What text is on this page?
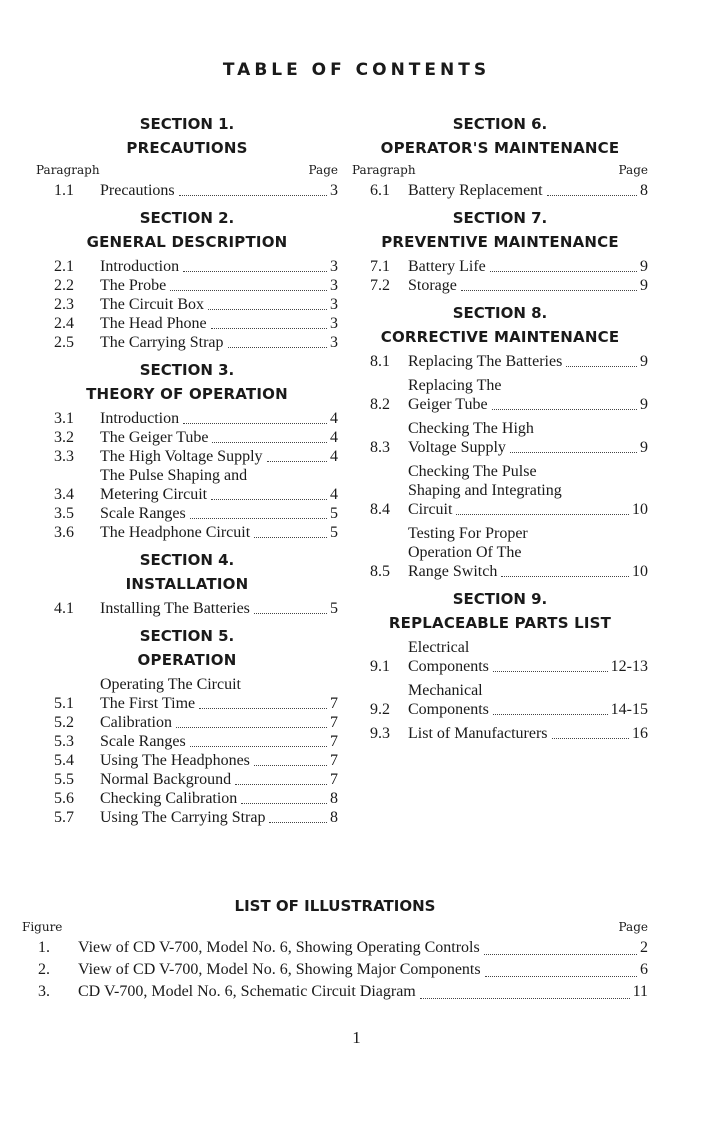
TABLE OF CONTENTS
SECTION 1.
PRECAUTIONS
Paragraph	Page
1.1	Precautions	3
SECTION 2.
GENERAL DESCRIPTION
2.1	Introduction	3
2.2	The Probe	3
2.3	The Circuit Box	3
2.4	The Head Phone	3
2.5	The Carrying Strap	3
SECTION 3.
THEORY OF OPERATION
3.1	Introduction	4
3.2	The Geiger Tube	4
3.3	The High Voltage Supply	4
3.4
The Pulse Shaping and
Metering Circuit	4
3.5	Scale Ranges	5
3.6	The Headphone Circuit	5
SECTION 4.
INSTALLATION
4.1	Installing The Batteries	5
SECTION 5.
OPERATION
5.1
Operating The Circuit
The First Time	7
5.2	Calibration	7
5.3	Scale Ranges	7
5.4	Using The Headphones	7
5.5	Normal Background	7
5.6	Checking Calibration	8
5.7	Using The Carrying Strap	8
SECTION 6.
OPERATOR'S MAINTENANCE
Paragraph	Page
6.1 Battery Replacement	8
SECTION 7.
PREVENTIVE MAINTENANCE
7.1 Battery Life	9
7.2 Storage	9
SECTION 8.
CORRECTIVE MAINTENANCE
8.1 Replacing The Batteries	9
8.2
Replacing The
Geiger Tube	9
8.3
Checking The High
Voltage Supply	9
8.4
Checking The Pulse
Shaping and Integrating
Circuit	10
8.5
Testing For Proper
Operation Of The
Range Switch	10
SECTION 9.
REPLACEABLE PARTS LIST
9.1
Electrical
Components	12-13
9.2
Mechanical
Components	14-15
9.3 List of Manufacturers	16
LIST OF ILLUSTRATIONS
Figure	Page
1.	View of CD V-700, Model No. 6, Showing Operating Controls	2
2.	View of CD V-700, Model No. 6, Showing Major Components	6
3.	CD V-700, Model No. 6, Schematic Circuit Diagram	11
1
